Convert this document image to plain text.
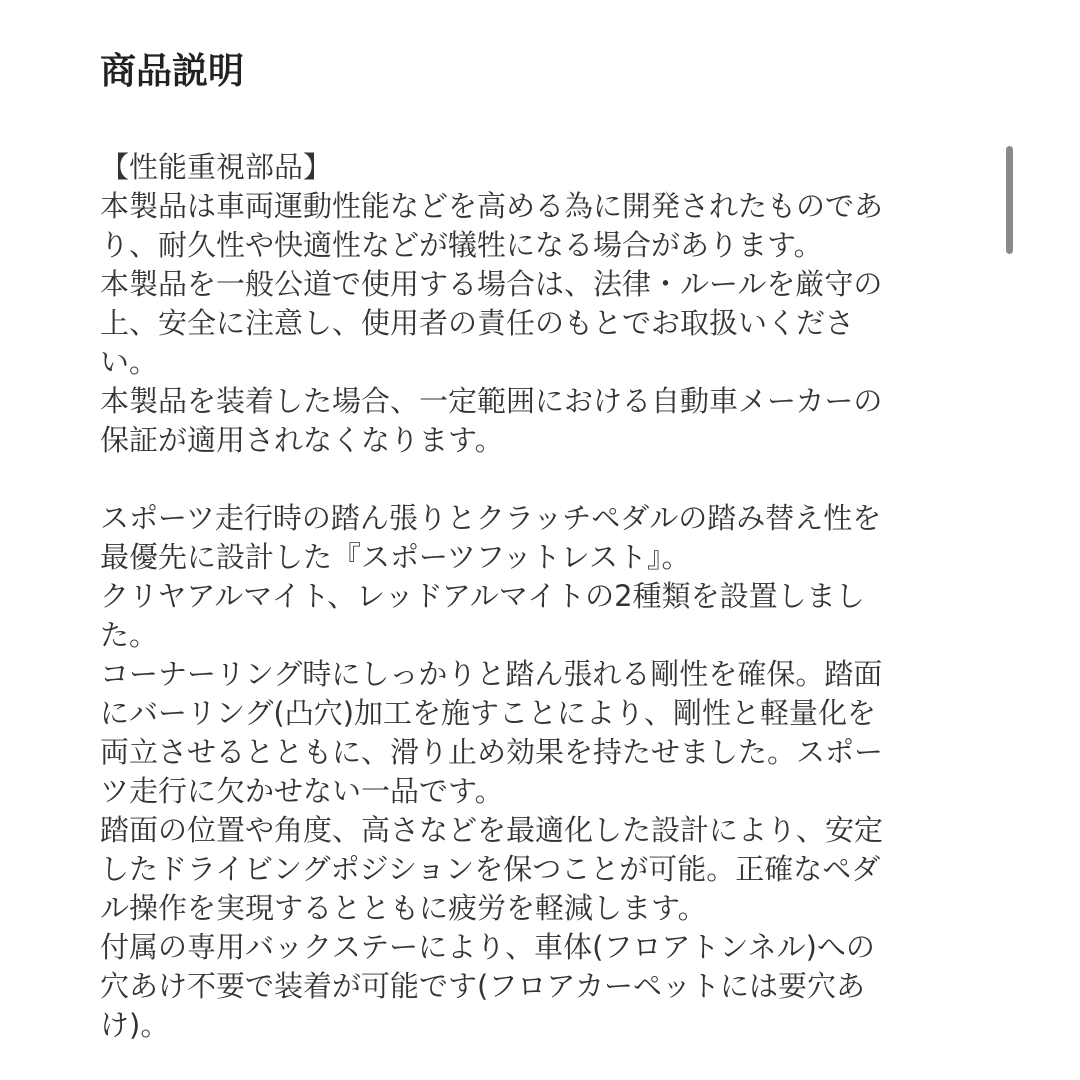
商品説明
【性能重視部品】
本製品は車両運動性能などを高める為に開発されたものであ
り、耐久性や快適性などが犠牲になる場合があります。
本製品を一般公道で使用する場合は、法律・ルールを厳守の
上、安全に注意し、使用者の責任のもとでお取扱いくださ
い。
本製品を装着した場合、一定範囲における自動車メーカーの
保証が適用されなくなります。
スポーツ走行時の踏ん張りとクラッチペダルの踏み替え性を
最優先に設計した『スポーツフットレスト』。
クリヤアルマイト、レッドアルマイトの2種類を設置しまし
た。
コーナーリング時にしっかりと踏ん張れる剛性を確保。踏面
にバーリング(凸穴)加工を施すことにより、剛性と軽量化を
両立させるとともに、滑り止め効果を持たせました。スポー
ツ走行に欠かせない一品です。
踏面の位置や角度、高さなどを最適化した設計により、安定
したドライビングポジションを保つことが可能。正確なペダ
ル操作を実現するとともに疲労を軽減します。
付属の専用バックステーにより、車体(フロアトンネル)への
穴あけ不要で装着が可能です(フロアカーペットには要穴あ
け)。
